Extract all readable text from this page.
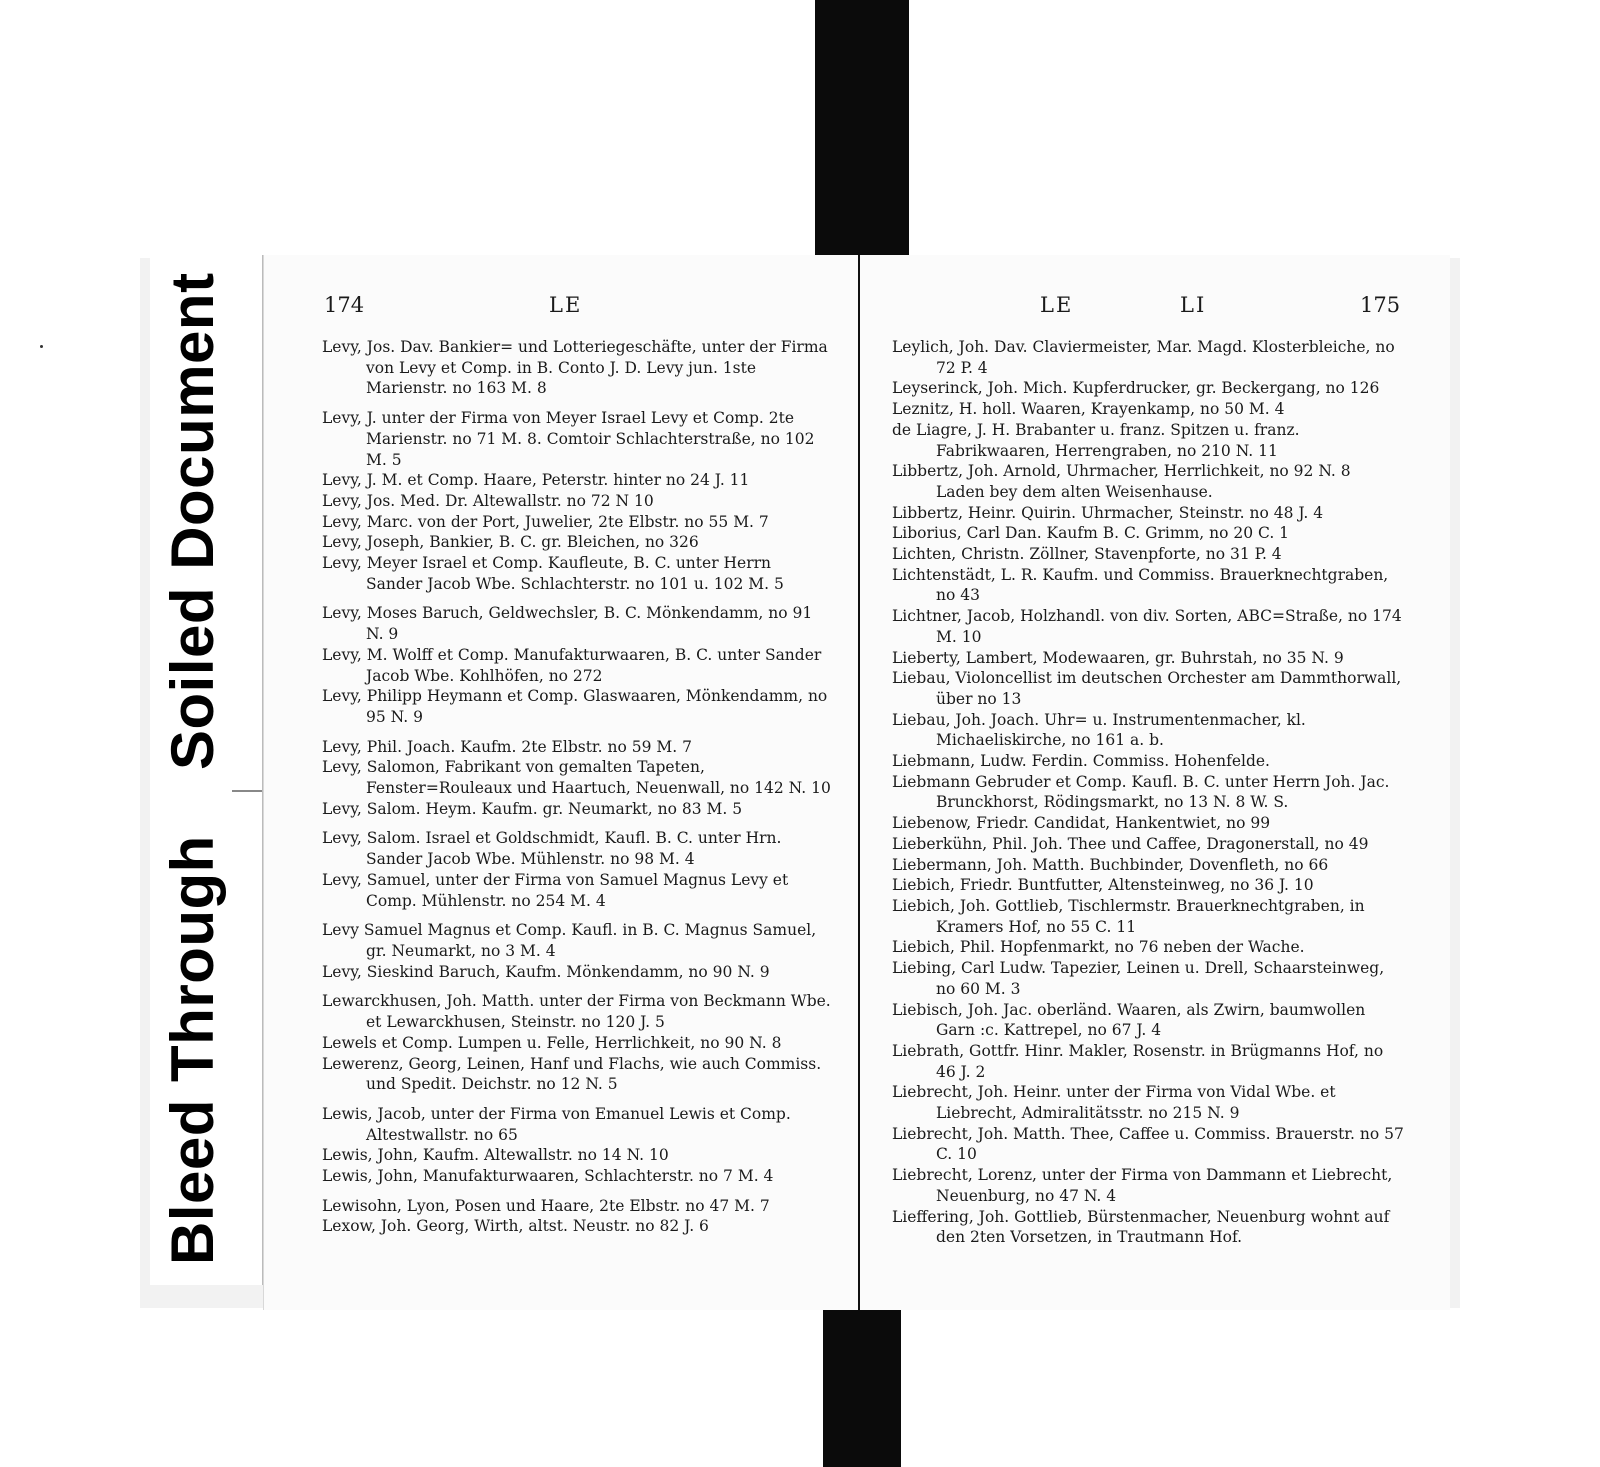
Bleed Through
Soiled Document	174	LE

Levy, Jos. Dav. Bankier= und Lotteriegeschäfte, unter der Firma von Levy et Comp. in B. Conto J. D. Levy jun. 1ste Marienstr. no 163 M. 8

Levy, J. unter der Firma von Meyer Israel Levy et Comp. 2te Marienstr. no 71 M. 8. Comtoir Schlachterstraße, no 102 M. 5

Levy, J. M. et Comp. Haare, Peterstr. hinter no 24 J. 11

Levy, Jos. Med. Dr. Altewallstr. no 72 N 10

Levy, Marc. von der Port, Juwelier, 2te Elbstr. no 55 M. 7

Levy, Joseph, Bankier, B. C. gr. Bleichen, no 326

Levy, Meyer Israel et Comp. Kaufleute, B. C. unter Herrn Sander Jacob Wbe. Schlachterstr. no 101 u. 102 M. 5

Levy, Moses Baruch, Geldwechsler, B. C. Mönkendamm, no 91 N. 9

Levy, M. Wolff et Comp. Manufakturwaaren, B. C. unter Sander Jacob Wbe. Kohlhöfen, no 272

Levy, Philipp Heymann et Comp. Glaswaaren, Mönkendamm, no 95 N. 9

Levy, Phil. Joach. Kaufm. 2te Elbstr. no 59 M. 7

Levy, Salomon, Fabrikant von gemalten Tapeten, Fenster=Rouleaux und Haartuch, Neuenwall, no 142 N. 10

Levy, Salom. Heym. Kaufm. gr. Neumarkt, no 83 M. 5

Levy, Salom. Israel et Goldschmidt, Kaufl. B. C. unter Hrn. Sander Jacob Wbe. Mühlenstr. no 98 M. 4

Levy, Samuel, unter der Firma von Samuel Magnus Levy et Comp. Mühlenstr. no 254 M. 4

Levy Samuel Magnus et Comp. Kaufl. in B. C. Magnus Samuel, gr. Neumarkt, no 3 M. 4

Levy, Sieskind Baruch, Kaufm. Mönkendamm, no 90 N. 9

Lewarckhusen, Joh. Matth. unter der Firma von Beckmann Wbe. et Lewarckhusen, Steinstr. no 120 J. 5

Lewels et Comp. Lumpen u. Felle, Herrlichkeit, no 90 N. 8

Lewerenz, Georg, Leinen, Hanf und Flachs, wie auch Commiss. und Spedit. Deichstr. no 12 N. 5

Lewis, Jacob, unter der Firma von Emanuel Lewis et Comp. Altestwallstr. no 65

Lewis, John, Kaufm. Altewallstr. no 14 N. 10

Lewis, John, Manufakturwaaren, Schlachterstr. no 7 M. 4

Lewisohn, Lyon, Posen und Haare, 2te Elbstr. no 47 M. 7

Lexow, Joh. Georg, Wirth, altst. Neustr. no 82 J. 6

LE	LI	175

Leylich, Joh. Dav. Claviermeister, Mar. Magd. Klosterbleiche, no 72 P. 4

Leyserinck, Joh. Mich. Kupferdrucker, gr. Beckergang, no 126

Leznitz, H. holl. Waaren, Krayenkamp, no 50 M. 4

de Liagre, J. H. Brabanter u. franz. Spitzen u. franz. Fabrikwaaren, Herrengraben, no 210 N. 11

Libbertz, Joh. Arnold, Uhrmacher, Herrlichkeit, no 92 N. 8 Laden bey dem alten Weisenhause.

Libbertz, Heinr. Quirin. Uhrmacher, Steinstr. no 48 J. 4

Liborius, Carl Dan. Kaufm B. C. Grimm, no 20 C. 1

Lichten, Christn. Zöllner, Stavenpforte, no 31 P. 4

Lichtenstädt, L. R. Kaufm. und Commiss. Brauerknechtgraben, no 43

Lichtner, Jacob, Holzhandl. von div. Sorten, ABC=Straße, no 174 M. 10

Lieberty, Lambert, Modewaaren, gr. Buhrstah, no 35 N. 9

Liebau, Violoncellist im deutschen Orchester am Dammthorwall, über no 13

Liebau, Joh. Joach. Uhr= u. Instrumentenmacher, kl. Michaeliskirche, no 161 a. b.

Liebmann, Ludw. Ferdin. Commiss. Hohenfelde.

Liebmann Gebruder et Comp. Kaufl. B. C. unter Herrn Joh. Jac. Brunckhorst, Rödingsmarkt, no 13 N. 8 W. S.

Liebenow, Friedr. Candidat, Hankentwiet, no 99

Lieberkühn, Phil. Joh. Thee und Caffee, Dragonerstall, no 49

Liebermann, Joh. Matth. Buchbinder, Dovenfleth, no 66

Liebich, Friedr. Buntfutter, Altensteinweg, no 36 J. 10

Liebich, Joh. Gottlieb, Tischlermstr. Brauerknechtgraben, in Kramers Hof, no 55 C. 11

Liebich, Phil. Hopfenmarkt, no 76 neben der Wache.

Liebing, Carl Ludw. Tapezier, Leinen u. Drell, Schaarsteinweg, no 60 M. 3

Liebisch, Joh. Jac. oberländ. Waaren, als Zwirn, baumwollen Garn :c. Kattrepel, no 67 J. 4

Liebrath, Gottfr. Hinr. Makler, Rosenstr. in Brügmanns Hof, no 46 J. 2

Liebrecht, Joh. Heinr. unter der Firma von Vidal Wbe. et Liebrecht, Admiralitätsstr. no 215 N. 9

Liebrecht, Joh. Matth. Thee, Caffee u. Commiss. Brauerstr. no 57 C. 10

Liebrecht, Lorenz, unter der Firma von Dammann et Liebrecht, Neuenburg, no 47 N. 4

Lieffering, Joh. Gottlieb, Bürstenmacher, Neuenburg wohnt auf den 2ten Vorsetzen, in Trautmann Hof.
